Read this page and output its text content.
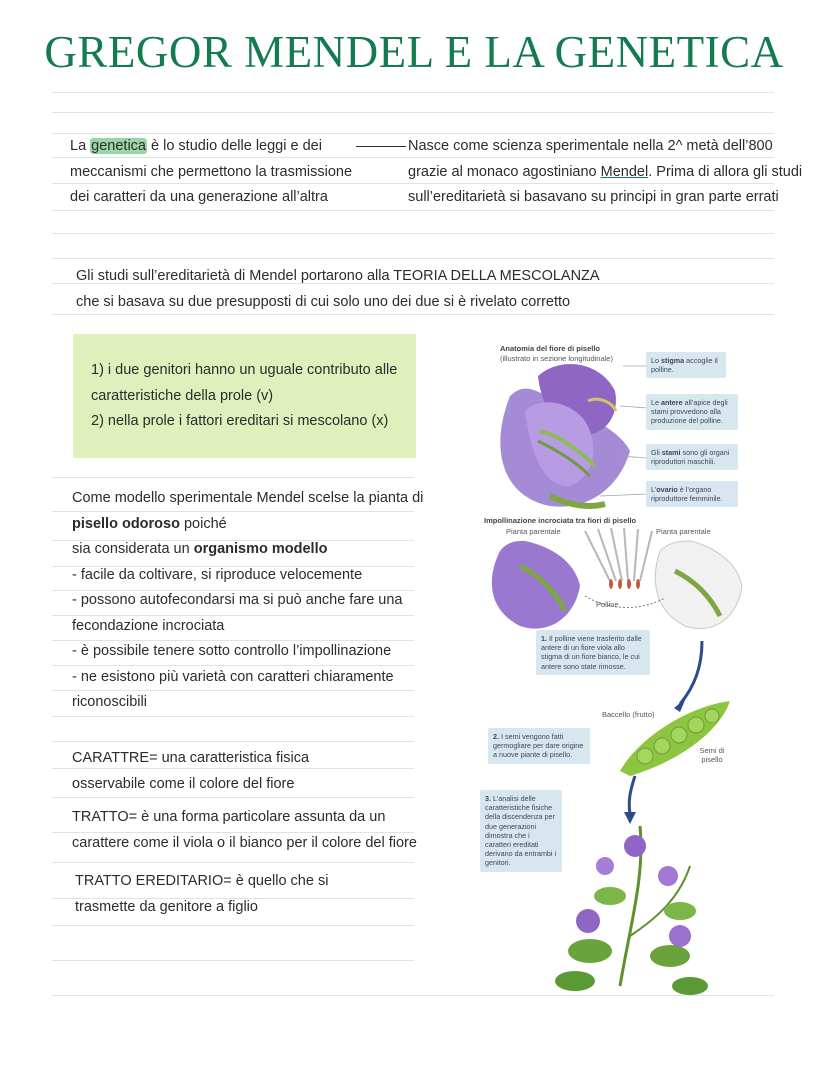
GREGOR MENDEL E LA GENETICA
La genetica è lo studio delle leggi e dei
meccanismi che permettono la trasmissione
dei caratteri da una generazione all’altra
Nasce come scienza sperimentale nella 2^ metà dell’800
grazie al monaco agostiniano Mendel. Prima di allora gli studi
sull’ereditarietà si basavano su principi in gran parte errati
Gli studi sull’ereditarietà di Mendel portarono alla TEORIA DELLA MESCOLANZA
che si basava su due presupposti di cui solo uno dei due si è rivelato corretto
1) i due genitori hanno un uguale contributo alle
caratteristiche della prole (v)
2) nella prole i fattori ereditari si mescolano (x)
Come modello sperimentale Mendel scelse la pianta di
pisello odoroso poiché
sia considerata un organismo modello
- facile da coltivare, si riproduce velocemente
- possono autofecondarsi ma si può anche fare una
fecondazione incrociata
- è possibile tenere sotto controllo l’impollinazione
- ne esistono più varietà con caratteri chiaramente
riconoscibili
CARATTRE= una caratteristica fisica
osservabile come il colore del fiore
TRATTO= è una forma particolare assunta da un
carattere come il viola o il bianco per il colore del fiore
TRATTO EREDITARIO= è quello che si
trasmette da genitore a figlio
Anatomia del fiore di pisello
(illustrato in sezione longitudinale)	Lo stigma accoglie il polline.
Le antere all’apice degli stami provvedono alla produzione del polline.
Gli stami sono gli organi riproduttori maschili.
L’ovario è l’organo riproduttore femminile.
Impollinazione incrociata tra fiori di pisello
Pianta parentale	Pianta parentale
Polline
1. Il polline viene trasferito dalle antere di un fiore viola allo stigma di un fiore bianco, le cui antere sono state rimosse.
Baccello (frutto)
Semi di pisello
2. I semi vengono fatti germogliare per dare origine a nuove piante di pisello.
3. L’analisi delle caratteristiche fisiche della discendenza per due generazioni dimostra che i caratteri ereditati derivano da entrambi i genitori.
